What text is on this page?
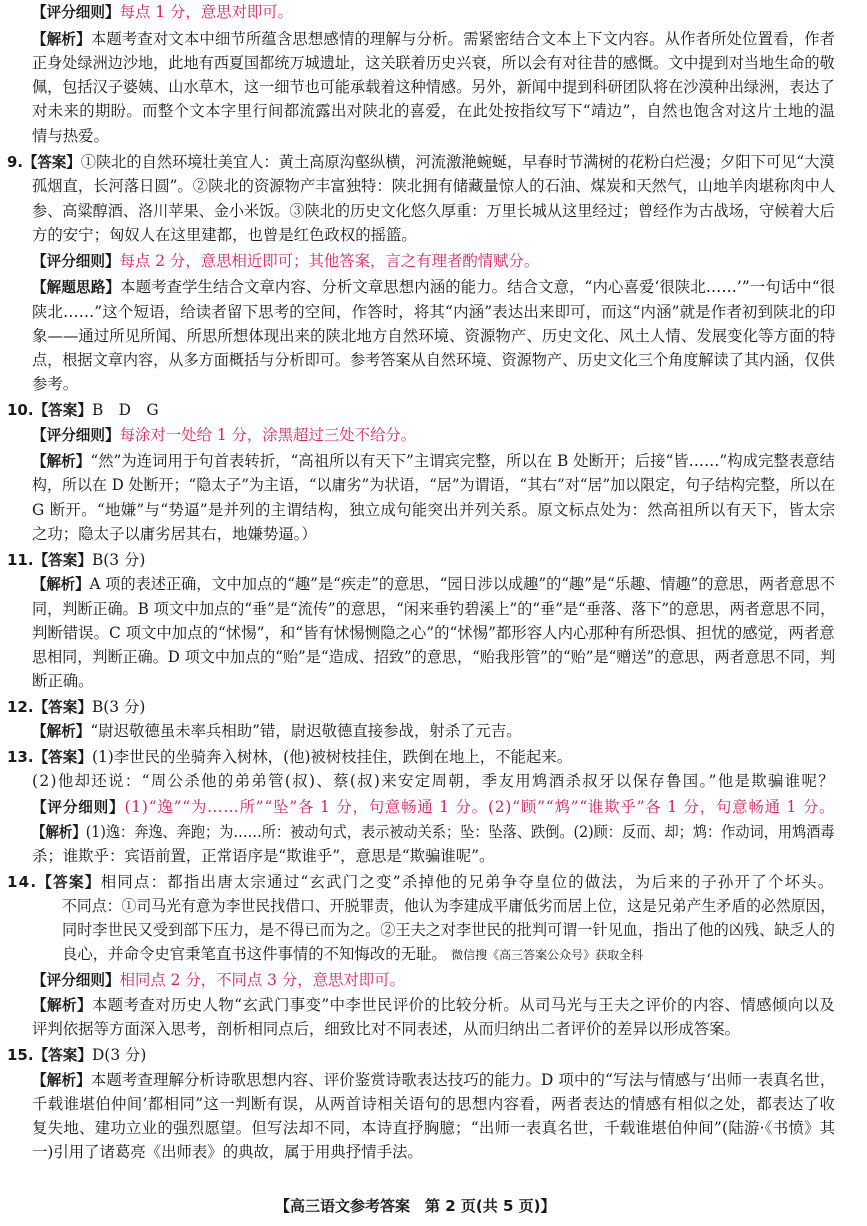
【评分细则】每点 1 分，意思对即可。
【解析】本题考查对文本中细节所蕴含思想感情的理解与分析。需紧密结合文本上下文内容。从作者所处位置看，作者
正身处绿洲边沙地，此地有西夏国都统万城遗址，这关联着历史兴衰，所以会有对往昔的感慨。文中提到对当地生命的敬
佩，包括汉子婆姨、山水草木，这一细节也可能承载着这种情感。另外，新闻中提到科研团队将在沙漠种出绿洲，表达了
对未来的期盼。而整个文本字里行间都流露出对陕北的喜爱，在此处按指纹写下“靖边”，自然也饱含对这片土地的温
情与热爱。
9.【答案】①陕北的自然环境壮美宜人：黄土高原沟壑纵横，河流激滟蜿蜒，早春时节满树的花粉白烂漫；夕阳下可见“大漠
孤烟直，长河落日圆”。②陕北的资源物产丰富独特：陕北拥有储藏量惊人的石油、煤炭和天然气，山地羊肉堪称肉中人
参、高粱醇酒、洛川苹果、金小米饭。③陕北的历史文化悠久厚重：万里长城从这里经过；曾经作为古战场，守候着大后
方的安宁；匈奴人在这里建都，也曾是红色政权的摇篮。
【评分细则】每点 2 分，意思相近即可；其他答案，言之有理者酌情赋分。
【解题思路】本题考查学生结合文章内容、分析文章思想内涵的能力。结合文意，“内心喜爱‘很陕北……’”一句话中“很
陕北……”这个短语，给读者留下思考的空间，作答时，将其“内涵”表达出来即可，而这“内涵”就是作者初到陕北的印
象——通过所见所闻、所思所想体现出来的陕北地方自然环境、资源物产、历史文化、风土人情、发展变化等方面的特
点，根据文章内容，从多方面概括与分析即可。参考答案从自然环境、资源物产、历史文化三个角度解读了其内涵，仅供
参考。
10.【答案】B　D　G
【评分细则】每涂对一处给 1 分，涂黑超过三处不给分。
【解析】“然”为连词用于句首表转折，“高祖所以有天下”主谓宾完整，所以在 B 处断开；后接“皆……”构成完整表意结
构，所以在 D 处断开；“隐太子”为主语，“以庸劣”为状语，“居”为谓语，“其右”对“居”加以限定，句子结构完整，所以在
G 断开。“地嫌”与“势逼”是并列的主谓结构，独立成句能突出并列关系。原文标点处为：然高祖所以有天下，皆太宗
之功；隐太子以庸劣居其右，地嫌势逼。）
11.【答案】B(3 分)
【解析】A 项的表述正确，文中加点的“趣”是“疾走”的意思，“园日涉以成趣”的“趣”是“乐趣、情趣”的意思，两者意思不
同，判断正确。B 项文中加点的“垂”是“流传”的意思，“闲来垂钓碧溪上”的“垂”是“垂落、落下”的意思，两者意思不同，
判断错误。C 项文中加点的“怵惕”，和“皆有怵惕恻隐之心”的“怵惕”都形容人内心那种有所恐惧、担忧的感觉，两者意
思相同，判断正确。D 项文中加点的“贻”是“造成、招致”的意思，“贻我彤管”的“贻”是“赠送”的意思，两者意思不同，判
断正确。
12.【答案】B(3 分)
【解析】“尉迟敬德虽未率兵相助”错，尉迟敬德直接参战，射杀了元吉。
13.【答案】(1)李世民的坐骑奔入树林，(他)被树枝挂住，跌倒在地上，不能起来。
(2)他却还说：“周公杀他的弟弟管(叔)、蔡(叔)来安定周朝，季友用鸩酒杀叔牙以保存鲁国。”他是欺骗谁呢？
【评分细则】(1)“逸”“为……所”“坠”各 1 分，句意畅通 1 分。(2)“顾”“鸩”“谁欺乎”各 1 分，句意畅通 1 分。
【解析】(1)逸：奔逸、奔跑；为……所：被动句式，表示被动关系；坠：坠落、跌倒。(2)顾：反而、却；鸩：作动词，用鸩酒毒
杀；谁欺乎：宾语前置，正常语序是“欺谁乎”，意思是“欺骗谁呢”。
14.【答案】相同点：都指出唐太宗通过“玄武门之变”杀掉他的兄弟争夺皇位的做法，为后来的子孙开了个坏头。
不同点：①司马光有意为李世民找借口、开脱罪责，他认为李建成平庸低劣而居上位，这是兄弟产生矛盾的必然原因，
同时李世民又受到部下压力，是不得已而为之。②王夫之对李世民的批判可谓一针见血，指出了他的凶残、缺乏人的
良心，并命令史官秉笔直书这件事情的不知悔改的无耻。　微信搜《高三答案公众号》获取全科
【评分细则】相同点 2 分，不同点 3 分，意思对即可。
【解析】本题考查对历史人物“玄武门事变”中李世民评价的比较分析。从司马光与王夫之评价的内容、情感倾向以及
评判依据等方面深入思考，剖析相同点后，细致比对不同表述，从而归纳出二者评价的差异以形成答案。
15.【答案】D(3 分)
【解析】本题考查理解分析诗歌思想内容、评价鉴赏诗歌表达技巧的能力。D 项中的“写法与情感与‘出师一表真名世，
千载谁堪伯仲间’都相同”这一判断有误，从两首诗相关语句的思想内容看，两者表达的情感有相似之处，都表达了收
复失地、建功立业的强烈愿望。但写法却不同，本诗直抒胸臆；“出师一表真名世，千载谁堪伯仲间”(陆游·《书愤》其
一)引用了诸葛亮《出师表》的典故，属于用典抒情手法。
【高三语文参考答案　第 2 页(共 5 页)】
